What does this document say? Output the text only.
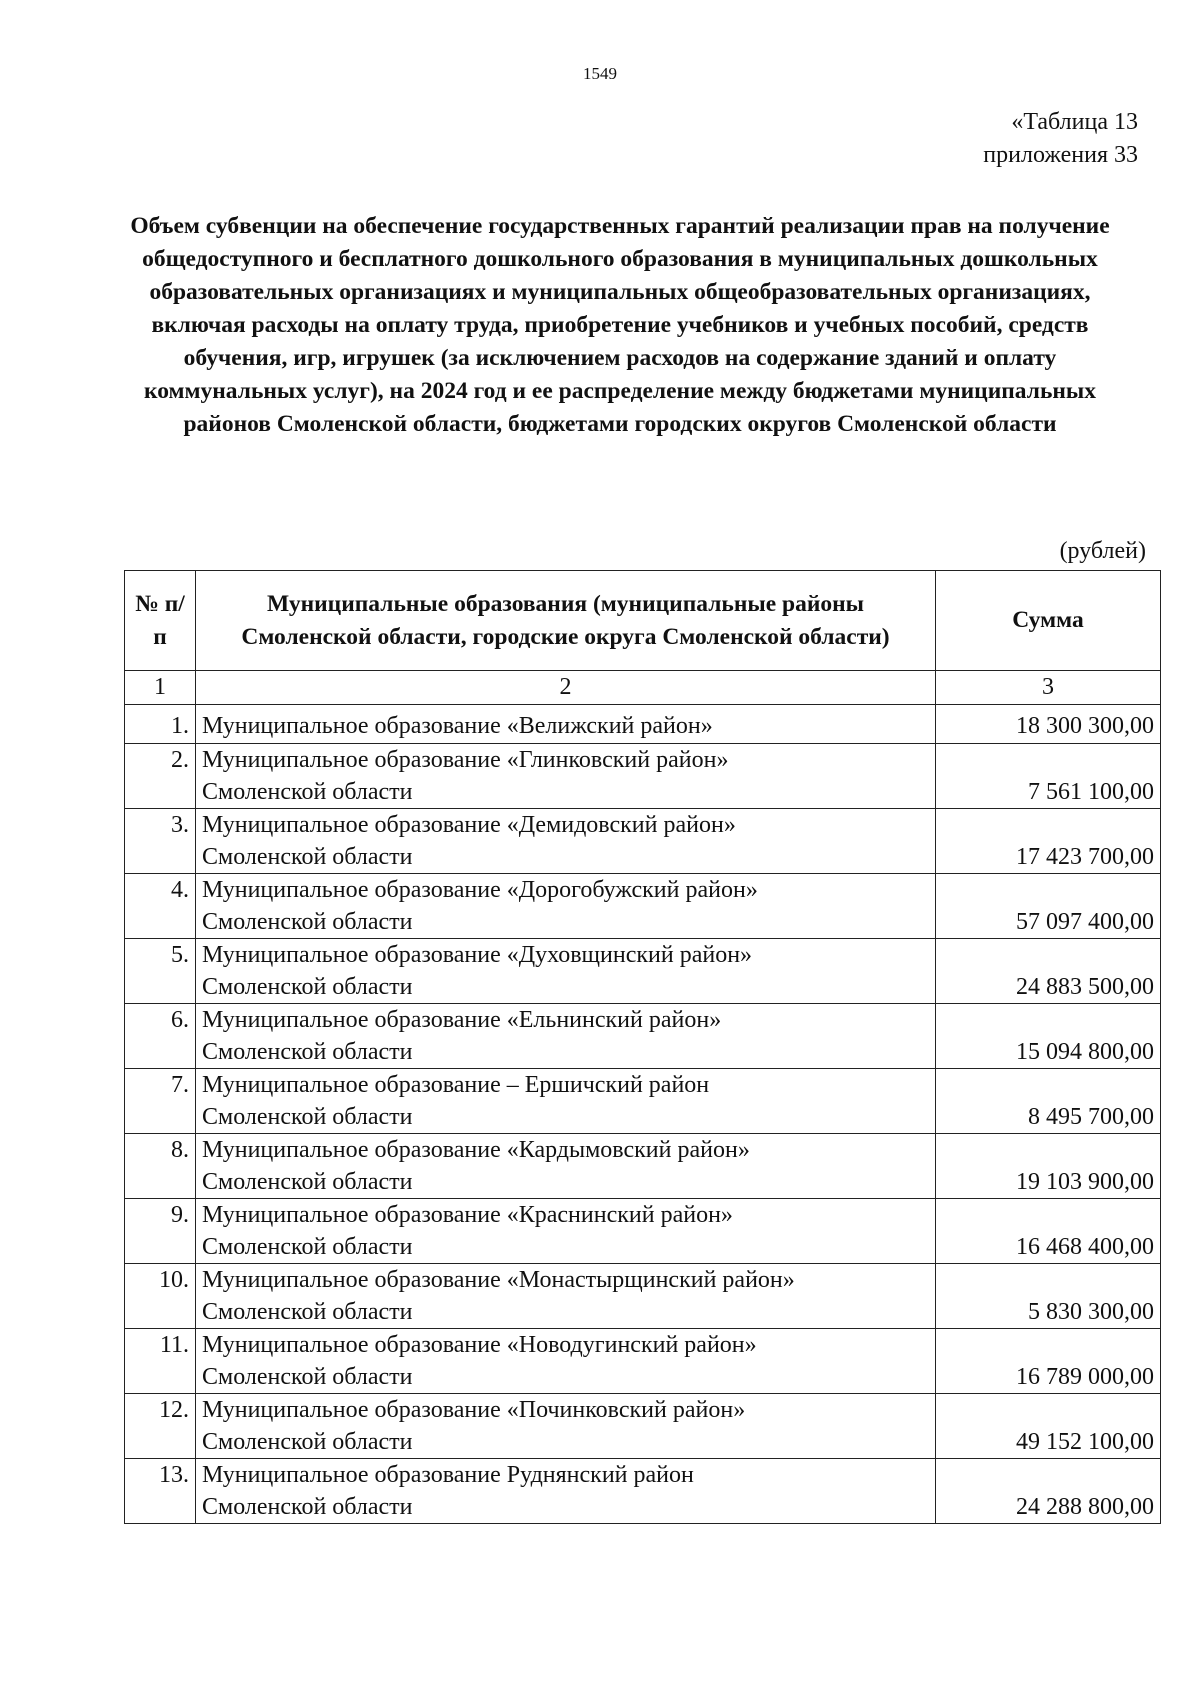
1549
«Таблица 13
приложения 33
Объем субвенции на обеспечение государственных гарантий реализации прав на получение общедоступного и бесплатного дошкольного образования в муниципальных дошкольных образовательных организациях и муниципальных общеобразовательных организациях, включая расходы на оплату труда, приобретение учебников и учебных пособий, средств обучения, игр, игрушек (за исключением расходов на содержание зданий и оплату коммунальных услуг), на 2024 год и ее распределение между бюджетами муниципальных районов Смоленской области, бюджетами городских округов Смоленской области
(рублей)
№ п/п	Муниципальные образования (муниципальные районы Смоленской области, городские округа Смоленской области)	Сумма
1	2	3
1.	Муниципальное образование «Велижский район»	18 300 300,00
2.	Муниципальное образование «Глинковский район»
Смоленской области	7 561 100,00
3.	Муниципальное образование «Демидовский район»
Смоленской области	17 423 700,00
4.	Муниципальное образование «Дорогобужский район»
Смоленской области	57 097 400,00
5.	Муниципальное образование «Духовщинский район»
Смоленской области	24 883 500,00
6.	Муниципальное образование «Ельнинский район»
Смоленской области	15 094 800,00
7.	Муниципальное образование – Ершичский район
Смоленской области	8 495 700,00
8.	Муниципальное образование «Кардымовский район»
Смоленской области	19 103 900,00
9.	Муниципальное образование «Краснинский район»
Смоленской области	16 468 400,00
10.	Муниципальное образование «Монастырщинский район»
Смоленской области	5 830 300,00
11.	Муниципальное образование «Новодугинский район»
Смоленской области	16 789 000,00
12.	Муниципальное образование «Починковский район»
Смоленской области	49 152 100,00
13.	Муниципальное образование Руднянский район
Смоленской области	24 288 800,00
